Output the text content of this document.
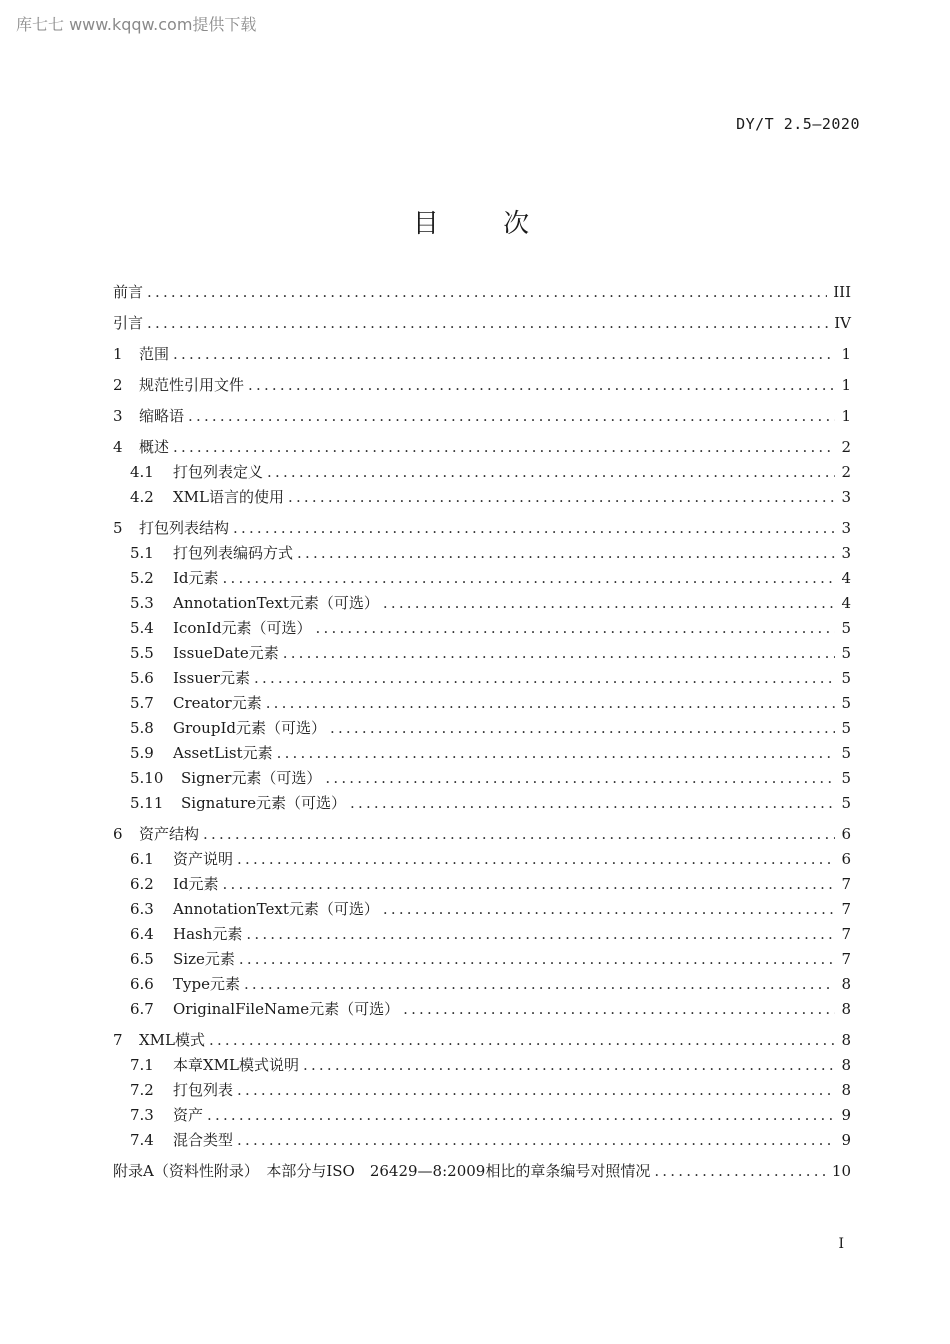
库七七 www.kqqw.com提供下载
DY/T 2.5—2020
目 次
前言 .....	III
引言 .....	IV
1	范围 .....	1
2	规范性引用文件 .....	1
3	缩略语 .....	1
4	概述 .....	2
4.1	打包列表定义 .....	2
4.2	XML语言的使用 .....	3
5	打包列表结构 .....	3
5.1	打包列表编码方式 .....	3
5.2	Id元素 .....	4
5.3	AnnotationText元素（可选） .....	4
5.4	IconId元素（可选） .....	5
5.5	IssueDate元素 .....	5
5.6	Issuer元素 .....	5
5.7	Creator元素 .....	5
5.8	GroupId元素（可选） .....	5
5.9	AssetList元素 .....	5
5.10	Signer元素（可选） .....	5
5.11	Signature元素（可选） .....	5
6	资产结构 .....	6
6.1	资产说明 .....	6
6.2	Id元素 .....	7
6.3	AnnotationText元素（可选） .....	7
6.4	Hash元素 .....	7
6.5	Size元素 .....	7
6.6	Type元素 .....	8
6.7	OriginalFileName元素（可选） .....	8
7	XML模式 .....	8
7.1	本章XML模式说明 .....	8
7.2	打包列表 .....	8
7.3	资产 .....	9
7.4	混合类型 .....	9
附录A（资料性附录）　本部分与ISO　26429—8:2009相比的章条编号对照情况 .....	10
I
